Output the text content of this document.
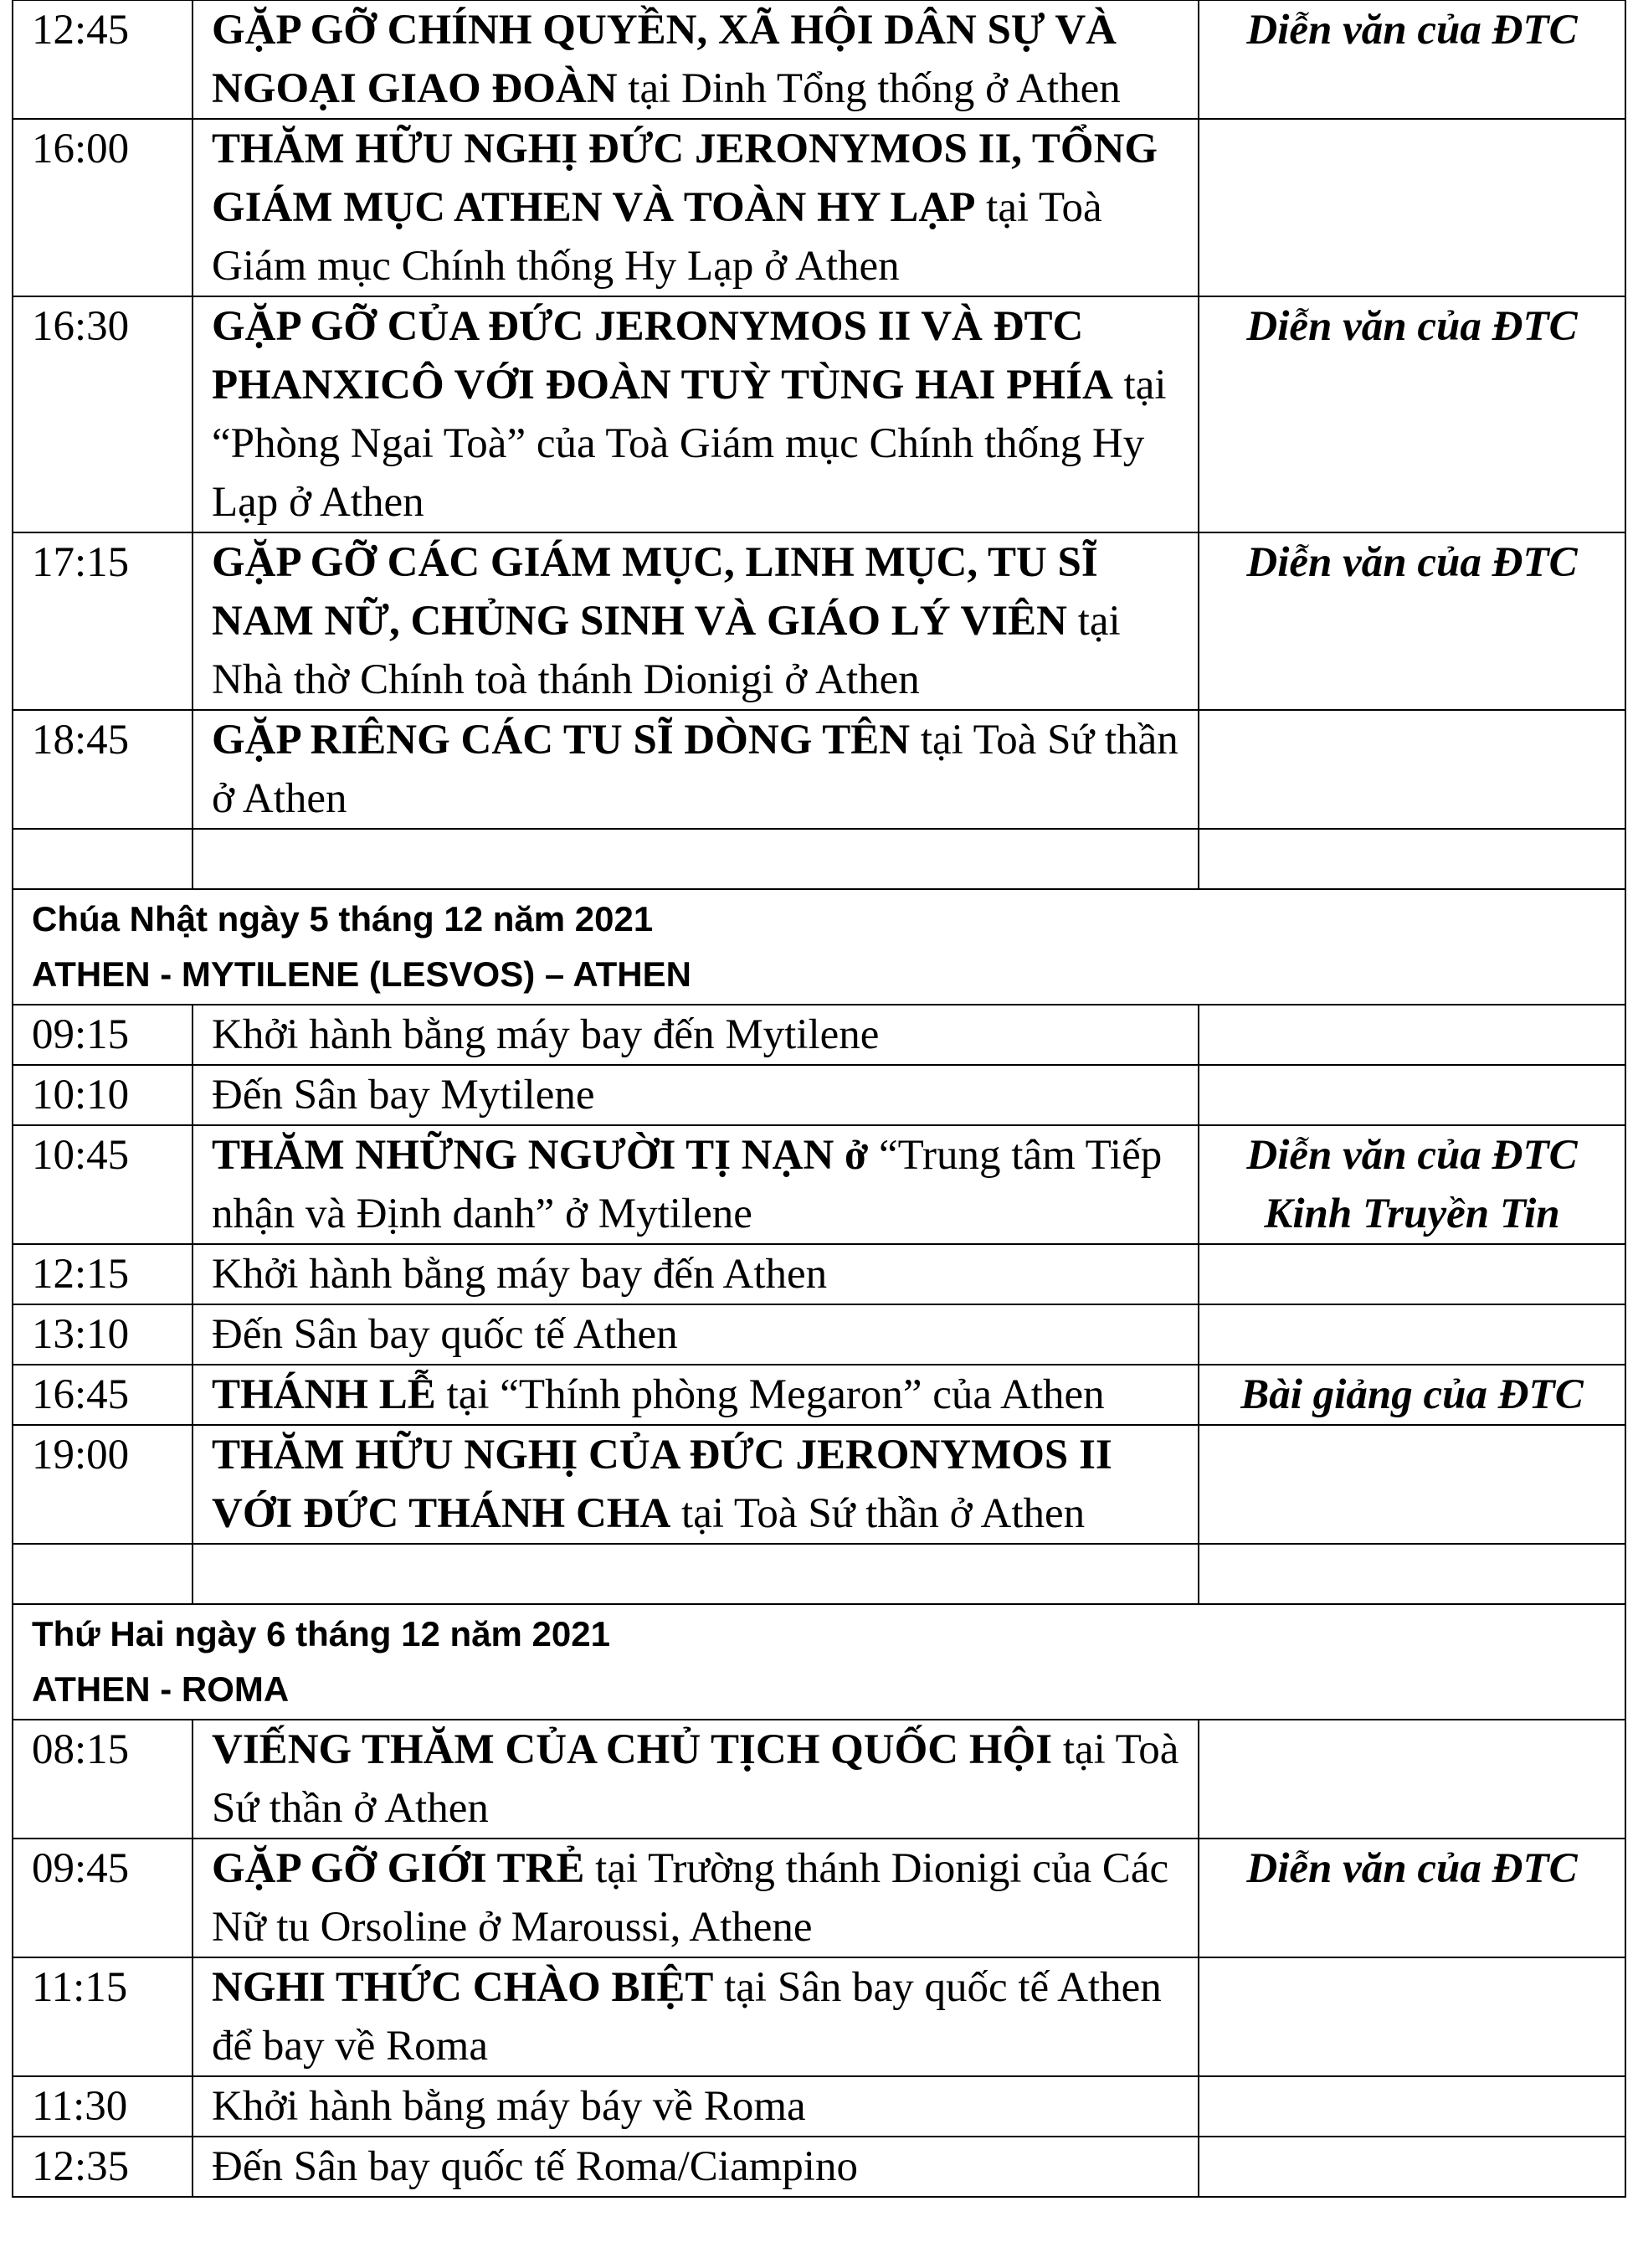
12:45	GẶP GỠ CHÍNH QUYỀN, XÃ HỘI DÂN SỰ VÀ NGOẠI GIAO ĐOÀN tại Dinh Tổng thống ở Athen	Diễn văn của ĐTC

16:00	THĂM HỮU NGHỊ ĐỨC JERONYMOS II, TỔNG GIÁM MỤC ATHEN VÀ TOÀN HY LẠP tại Toà Giám mục Chính thống Hy Lạp ở Athen	

16:30	GẶP GỠ CỦA ĐỨC JERONYMOS II VÀ ĐTC PHANXICÔ VỚI ĐOÀN TUỲ TÙNG HAI PHÍA tại “Phòng Ngai Toà” của Toà Giám mục Chính thống Hy Lạp ở Athen	Diễn văn của ĐTC

17:15	GẶP GỠ CÁC GIÁM MỤC, LINH MỤC, TU SĨ NAM NỮ, CHỦNG SINH VÀ GIÁO LÝ VIÊN tại Nhà thờ Chính toà thánh Dionigi ở Athen	Diễn văn của ĐTC

18:45	GẶP RIÊNG CÁC TU SĨ DÒNG TÊN tại Toà Sứ thần ở Athen	

Chúa Nhật ngày 5 tháng 12 năm 2021
ATHEN - MYTILENE (LESVOS) – ATHEN		

09:15	Khởi hành bằng máy bay đến Mytilene	

10:10	Đến Sân bay Mytilene	

10:45	THĂM NHỮNG NGƯỜI TỊ NẠN ở “Trung tâm Tiếp nhận và Định danh” ở Mytilene	Diễn văn của ĐTC
Kinh Truyền Tin

12:15	Khởi hành bằng máy bay đến Athen	

13:10	Đến Sân bay quốc tế Athen	

16:45	THÁNH LỄ tại “Thính phòng Megaron” của Athen	Bài giảng của ĐTC

19:00	THĂM HỮU NGHỊ CỦA ĐỨC JERONYMOS II VỚI ĐỨC THÁNH CHA tại Toà Sứ thần ở Athen	

Thứ Hai ngày 6 tháng 12 năm 2021
ATHEN - ROMA		

08:15	VIẾNG THĂM CỦA CHỦ TỊCH QUỐC HỘI tại Toà Sứ thần ở Athen	

09:45	GẶP GỠ GIỚI TRẺ tại Trường thánh Dionigi của Các Nữ tu Orsoline ở Maroussi, Athene	Diễn văn của ĐTC

11:15	NGHI THỨC CHÀO BIỆT tại Sân bay quốc tế Athen để bay về Roma	

11:30	Khởi hành bằng máy báy về Roma	

12:35	Đến Sân bay quốc tế Roma/Ciampino	
